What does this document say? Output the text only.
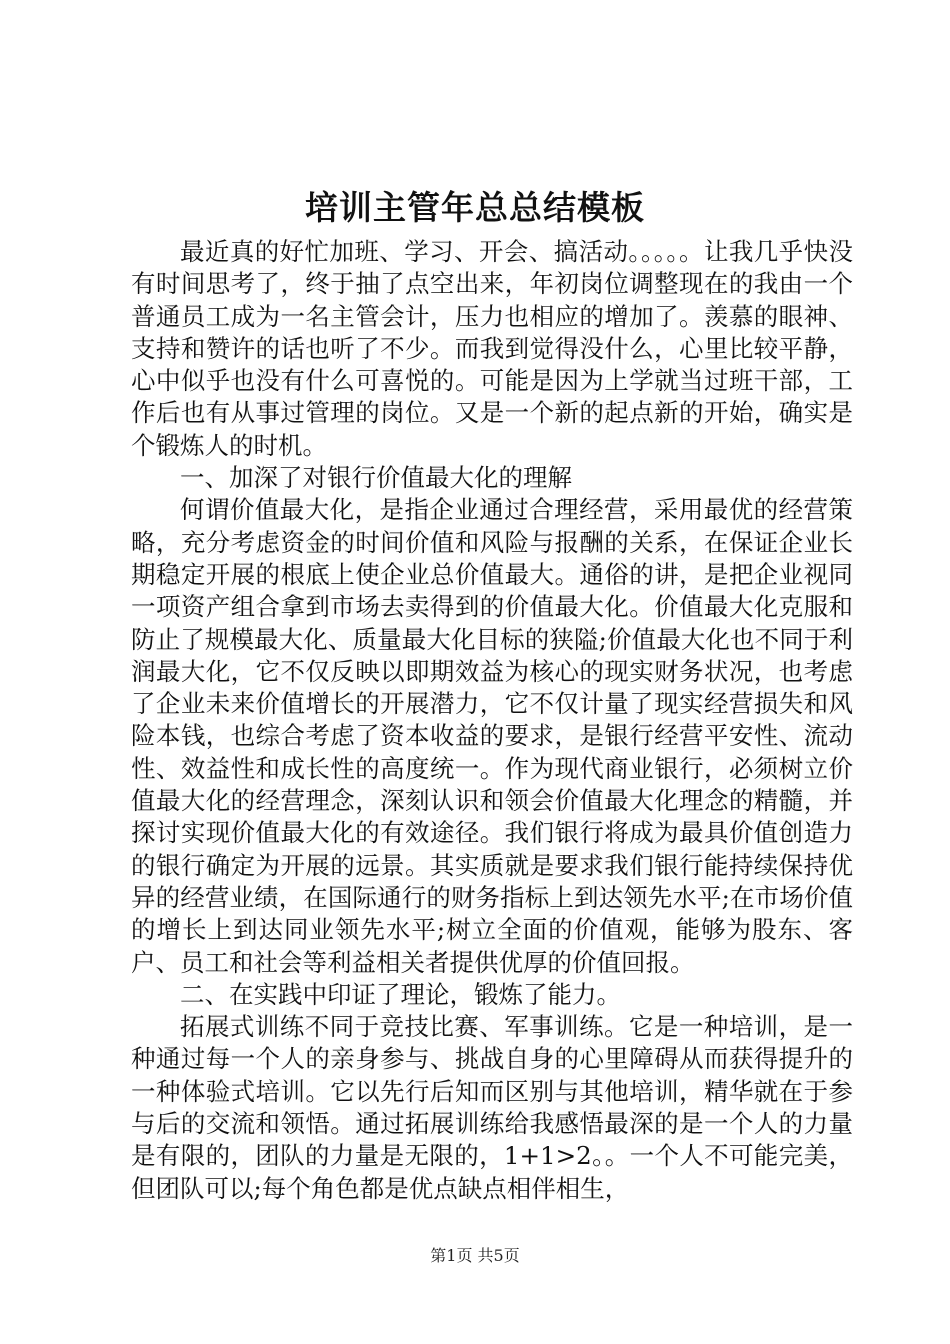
培训主管年总总结模板

最近真的好忙加班、学习、开会、搞活动。。。。。让我几乎快没有时间思考了，终于抽了点空出来，年初岗位调整现在的我由一个普通员工成为一名主管会计，压力也相应的增加了。羡慕的眼神、支持和赞许的话也听了不少。而我到觉得没什么，心里比较平静，心中似乎也没有什么可喜悦的。可能是因为上学就当过班干部，工作后也有从事过管理的岗位。又是一个新的起点新的开始，确实是个锻炼人的时机。

一、加深了对银行价值最大化的理解

何谓价值最大化，是指企业通过合理经营，采用最优的经营策略，充分考虑资金的时间价值和风险与报酬的关系，在保证企业长期稳定开展的根底上使企业总价值最大。通俗的讲，是把企业视同一项资产组合拿到市场去卖得到的价值最大化。价值最大化克服和防止了规模最大化、质量最大化目标的狭隘;价值最大化也不同于利润最大化，它不仅反映以即期效益为核心的现实财务状况，也考虑了企业未来价值增长的开展潜力，它不仅计量了现实经营损失和风险本钱，也综合考虑了资本收益的要求，是银行经营平安性、流动性、效益性和成长性的高度统一。作为现代商业银行，必须树立价值最大化的经营理念，深刻认识和领会价值最大化理念的精髓，并探讨实现价值最大化的有效途径。我们银行将成为最具价值创造力的银行确定为开展的远景。其实质就是要求我们银行能持续保持优异的经营业绩，在国际通行的财务指标上到达领先水平;在市场价值的增长上到达同业领先水平;树立全面的价值观，能够为股东、客户、员工和社会等利益相关者提供优厚的价值回报。

二、在实践中印证了理论，锻炼了能力。

拓展式训练不同于竞技比赛、军事训练。它是一种培训，是一种通过每一个人的亲身参与、挑战自身的心里障碍从而获得提升的一种体验式培训。它以先行后知而区别与其他培训，精华就在于参与后的交流和领悟。通过拓展训练给我感悟最深的是一个人的力量是有限的，团队的力量是无限的，1+1>2。。一个人不可能完美，但团队可以;每个角色都是优点缺点相伴相生，

第1页 共5页
